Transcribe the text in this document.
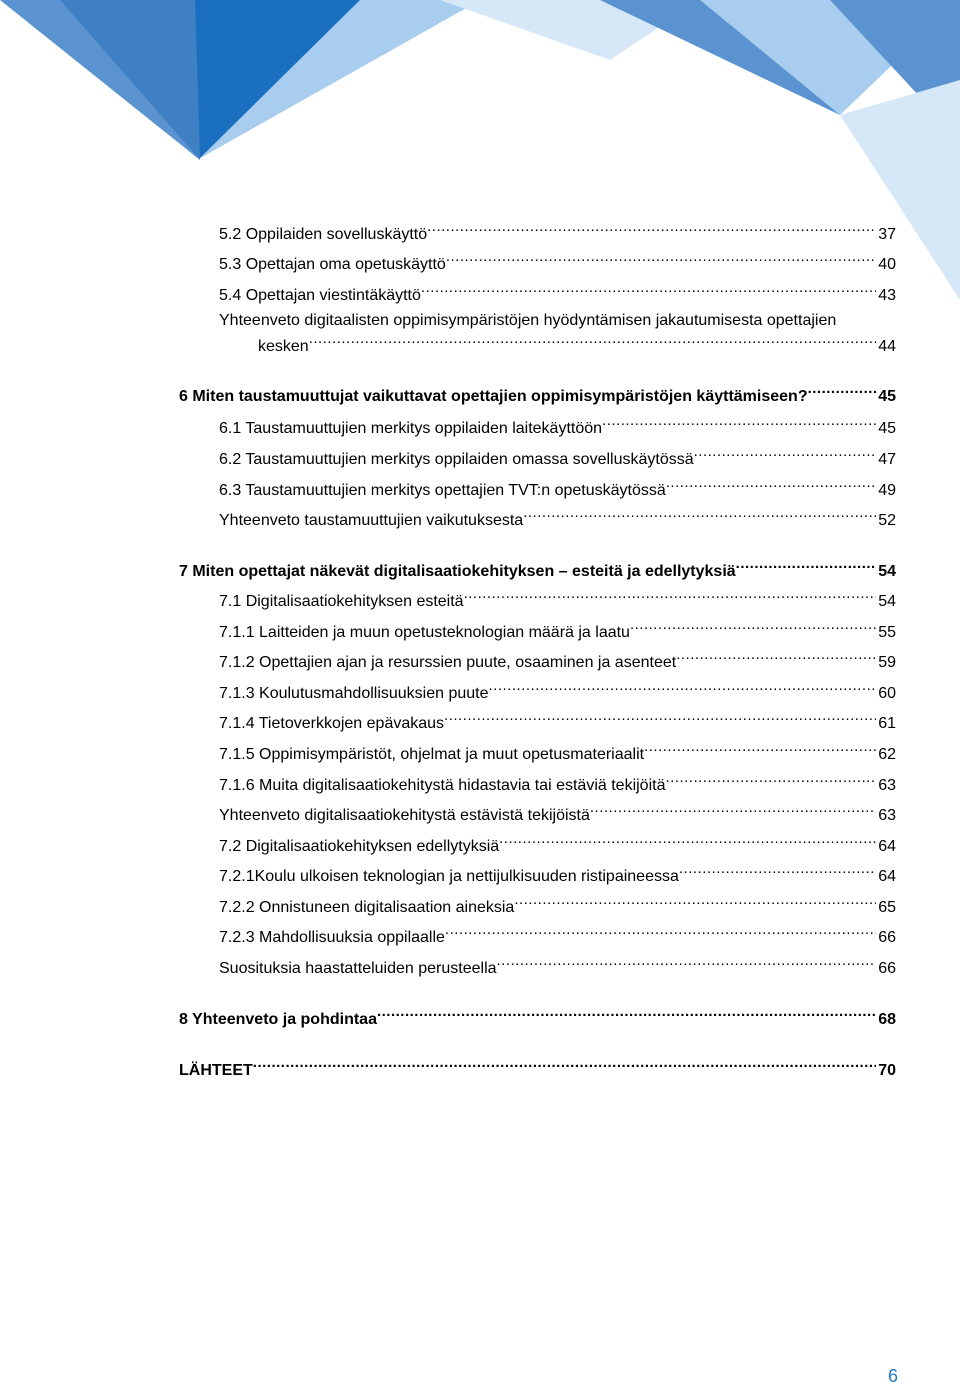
5.2 Oppilaiden sovelluskäyttö .....	37
5.3 Opettajan oma opetuskäyttö .....	40
5.4 Opettajan viestintäkäyttö .....	43
Yhteenveto digitaalisten oppimisympäristöjen hyödyntämisen jakautumisesta opettajien
kesken .....	44
6 Miten taustamuuttujat vaikuttavat opettajien oppimisympäristöjen käyttämiseen? .....	45
6.1 Taustamuuttujien merkitys oppilaiden laitekäyttöön .....	45
6.2 Taustamuuttujien merkitys oppilaiden omassa sovelluskäytössä .....	47
6.3 Taustamuuttujien merkitys opettajien TVT:n opetuskäytössä .....	49
Yhteenveto taustamuuttujien vaikutuksesta .....	52
7 Miten opettajat näkevät digitalisaatiokehityksen – esteitä ja edellytyksiä .....	54
7.1 Digitalisaatiokehityksen esteitä .....	54
7.1.1 Laitteiden ja muun opetusteknologian määrä ja laatu .....	55
7.1.2 Opettajien ajan ja resurssien puute, osaaminen ja asenteet .....	59
7.1.3 Koulutusmahdollisuuksien puute .....	60
7.1.4 Tietoverkkojen epävakaus .....	61
7.1.5 Oppimisympäristöt, ohjelmat ja muut opetusmateriaalit .....	62
7.1.6 Muita digitalisaatiokehitystä hidastavia tai estäviä tekijöitä .....	63
Yhteenveto digitalisaatiokehitystä estävistä tekijöistä .....	63
7.2 Digitalisaatiokehityksen edellytyksiä .....	64
7.2.1Koulu ulkoisen teknologian ja nettijulkisuuden ristipaineessa .....	64
7.2.2 Onnistuneen digitalisaation aineksia .....	65
7.2.3 Mahdollisuuksia oppilaalle .....	66
Suosituksia haastatteluiden perusteella .....	66
8 Yhteenveto ja pohdintaa .....	68
LÄHTEET .....	70
6
